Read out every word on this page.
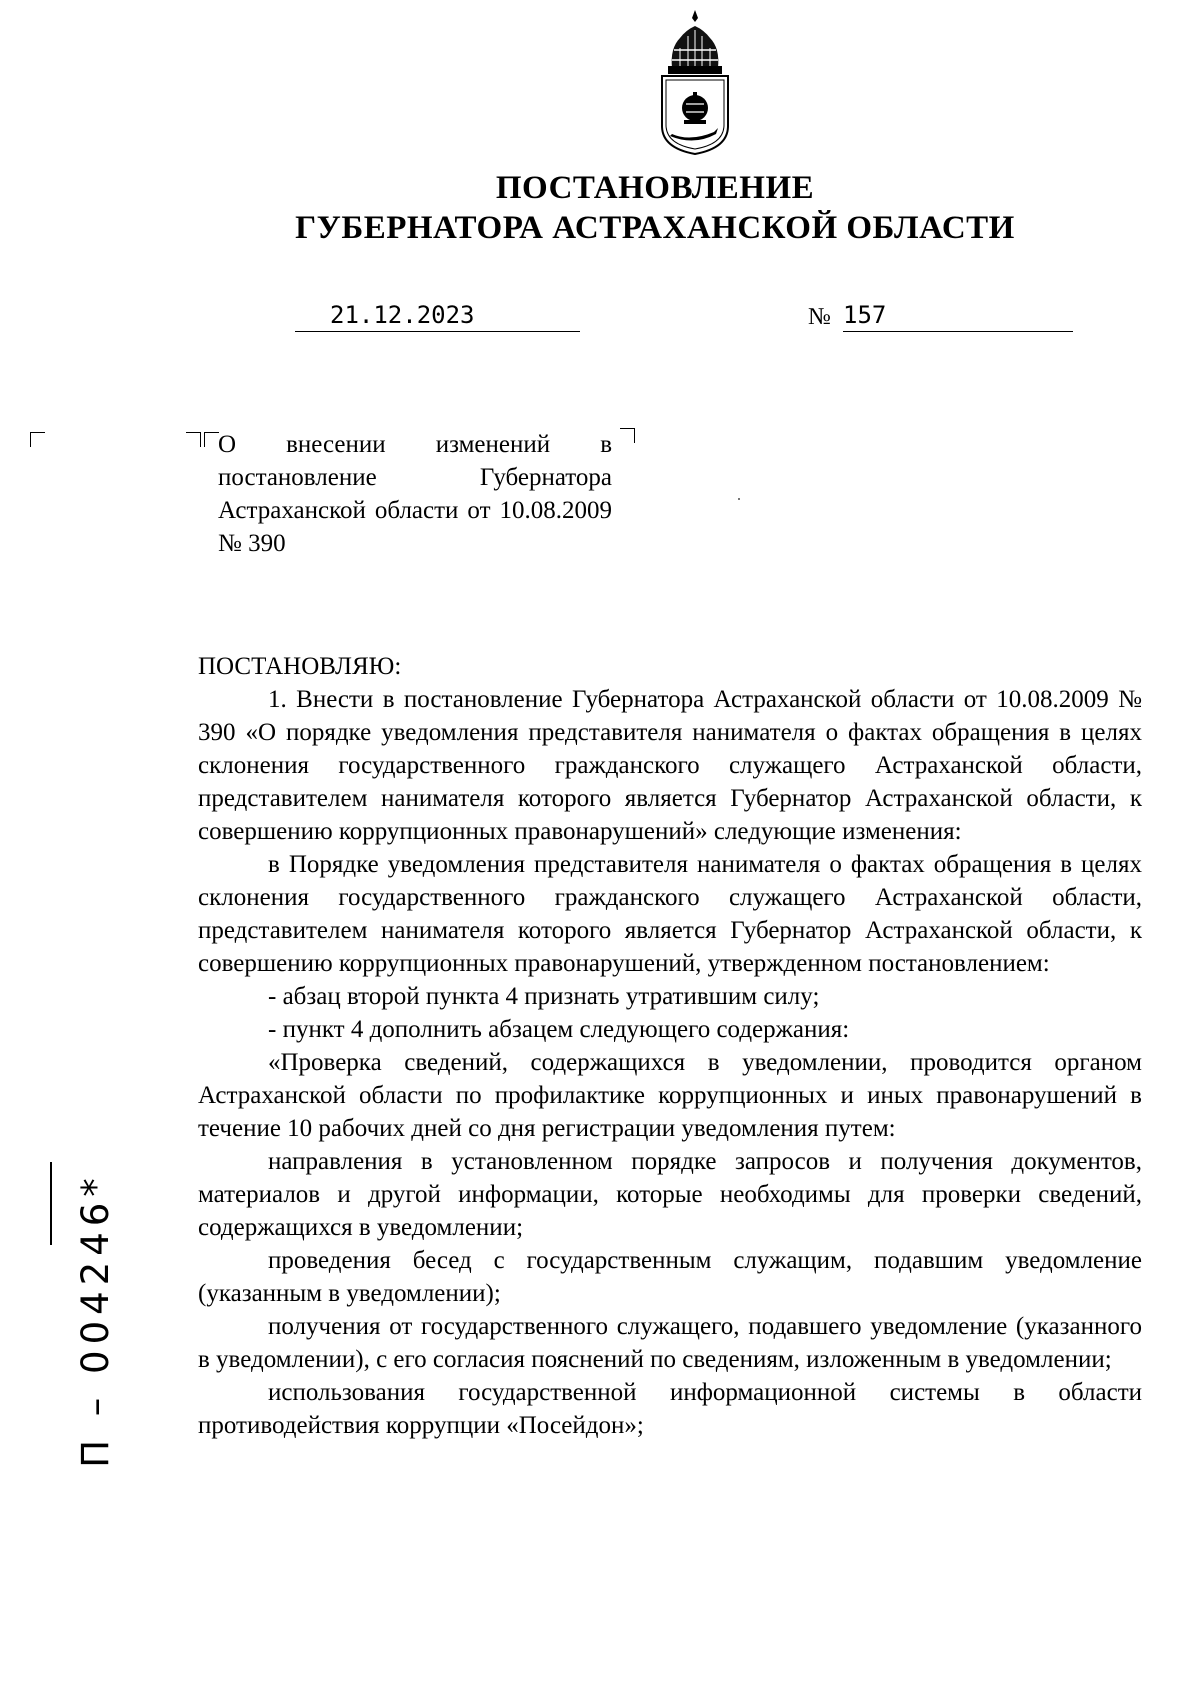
ПОСТАНОВЛЕНИЕ
ГУБЕРНАТОРА АСТРАХАНСКОЙ ОБЛАСТИ
21.12.2023	№ 157
О внесении изменений в постановление Губернатора Астраханской области от 10.08.2009 № 390

ПОСТАНОВЛЯЮ:

1. Внести в постановление Губернатора Астраханской области от 10.08.2009 № 390 «О порядке уведомления представителя нанимателя о фактах обращения в целях склонения государственного гражданского служащего Астраханской области, представителем нанимателя которого является Губернатор Астраханской области, к совершению коррупционных правонарушений» следующие изменения:

в Порядке уведомления представителя нанимателя о фактах обращения в целях склонения государственного гражданского служащего Астраханской области, представителем нанимателя которого является Губернатор Астраханской области, к совершению коррупционных правонарушений, утвержденном постановлением:

- абзац второй пункта 4 признать утратившим силу;

- пункт 4 дополнить абзацем следующего содержания:

«Проверка сведений, содержащихся в уведомлении, проводится органом Астраханской области по профилактике коррупционных и иных правонарушений в течение 10 рабочих дней со дня регистрации уведомления путем:

направления в установленном порядке запросов и получения документов, материалов и другой информации, которые необходимы для проверки сведений, содержащихся в уведомлении;

проведения бесед с государственным служащим, подавшим уведомление (указанным в уведомлении);

получения от государственного служащего, подавшего уведомление (указанного в уведомлении), с его согласия пояснений по сведениям, изложенным в уведомлении;

использования государственной информационной системы в области противодействия коррупции «Посейдон»;

П – 004246*
